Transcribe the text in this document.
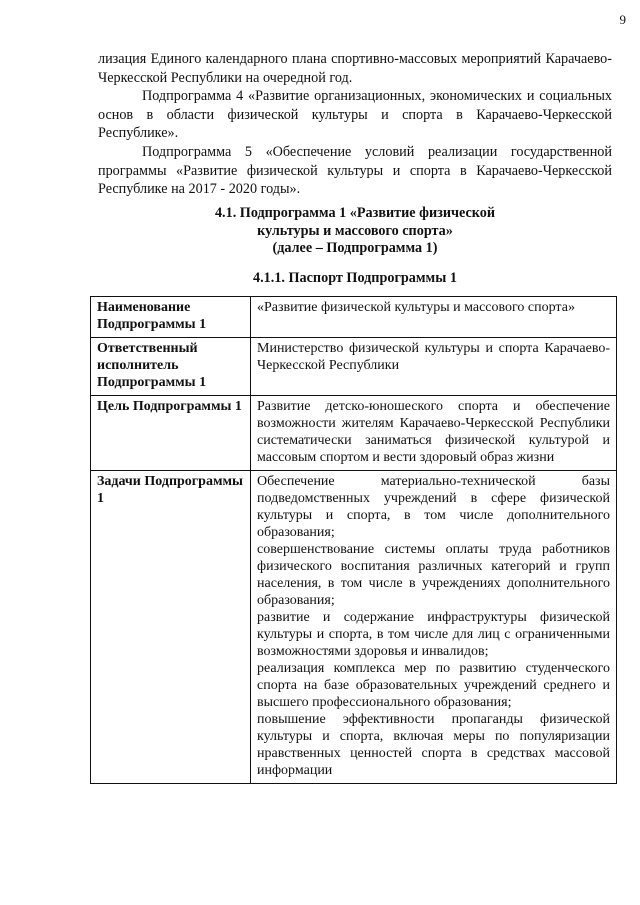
9

лизация Единого календарного плана спортивно-массовых мероприятий Карачаево-Черкесской Республики на очередной год.

Подпрограмма 4 «Развитие организационных, экономических и социальных основ в области физической культуры и спорта в Карачаево-Черкесской Республике».

Подпрограмма 5 «Обеспечение условий реализации государственной программы «Развитие физической культуры и спорта в Карачаево-Черкесской Республике на 2017 - 2020 годы».

4.1. Подпрограмма 1 «Развитие физической
культуры и массового спорта»
(далее – Подпрограмма 1)
4.1.1. Паспорт Подпрограммы 1
Наименование Подпрограммы 1	«Развитие физической культуры и массового спорта»

Ответственный исполнитель Подпрограммы 1	Министерство физической культуры и спорта Карачаево-Черкесской Республики

Цель Подпрограммы 1	Развитие детско-юношеского спорта и обеспечение возможности жителям Карачаево-Черкесской Республики систематически заниматься физической культурой и массовым спортом и вести здоровый образ жизни

Задачи Подпрограммы 1	Обеспечение материально-технической базы подведомственных учреждений в сфере физической культуры и спорта, в том числе дополнительного образования;
совершенствование системы оплаты труда работников физического воспитания различных категорий и групп населения, в том числе в учреждениях дополнительного образования;
развитие и содержание инфраструктуры физической культуры и спорта, в том числе для лиц с ограниченными возможностями здоровья и инвалидов;
реализация комплекса мер по развитию студенческого спорта на базе образовательных учреждений среднего и высшего профессионального образования;
повышение эффективности пропаганды физической культуры и спорта, включая меры по популяризации нравственных ценностей спорта в средствах массовой информации
